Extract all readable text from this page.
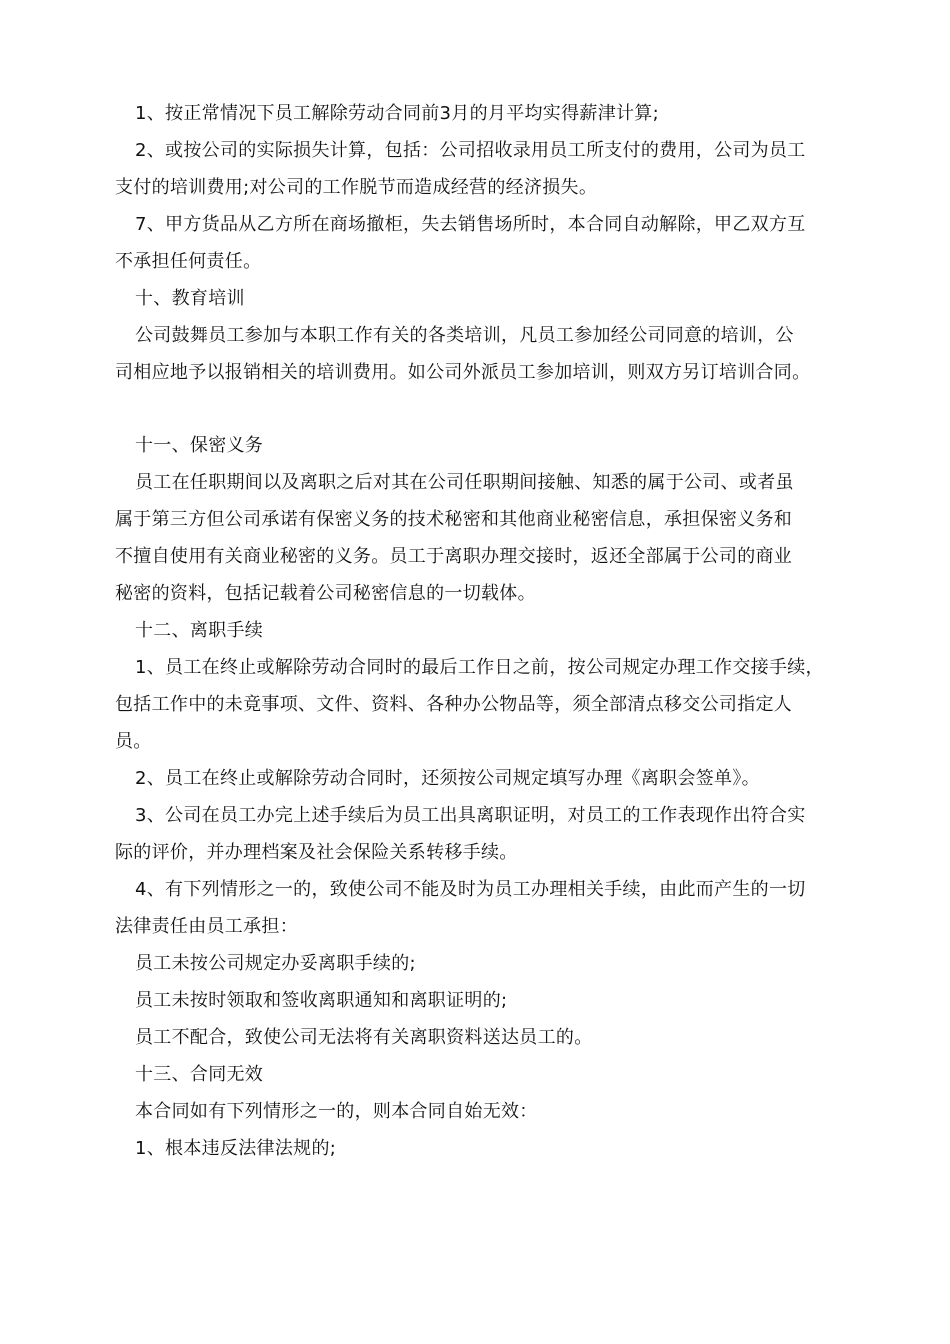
1、按正常情况下员工解除劳动合同前3月的月平均实得薪津计算;
2、或按公司的实际损失计算，包括：公司招收录用员工所支付的费用，公司为员工
支付的培训费用;对公司的工作脱节而造成经营的经济损失。
7、甲方货品从乙方所在商场撤柜，失去销售场所时，本合同自动解除，甲乙双方互
不承担任何责任。
十、教育培训
公司鼓舞员工参加与本职工作有关的各类培训，凡员工参加经公司同意的培训，公
司相应地予以报销相关的培训费用。如公司外派员工参加培训，则双方另订培训合同。
十一、保密义务
员工在任职期间以及离职之后对其在公司任职期间接触、知悉的属于公司、或者虽
属于第三方但公司承诺有保密义务的技术秘密和其他商业秘密信息，承担保密义务和
不擅自使用有关商业秘密的义务。员工于离职办理交接时，返还全部属于公司的商业
秘密的资料，包括记载着公司秘密信息的一切载体。
十二、离职手续
1、员工在终止或解除劳动合同时的最后工作日之前，按公司规定办理工作交接手续，
包括工作中的未竟事项、文件、资料、各种办公物品等，须全部清点移交公司指定人
员。
2、员工在终止或解除劳动合同时，还须按公司规定填写办理《离职会签单》。
3、公司在员工办完上述手续后为员工出具离职证明，对员工的工作表现作出符合实
际的评价，并办理档案及社会保险关系转移手续。
4、有下列情形之一的，致使公司不能及时为员工办理相关手续，由此而产生的一切
法律责任由员工承担：
员工未按公司规定办妥离职手续的;
员工未按时领取和签收离职通知和离职证明的;
员工不配合，致使公司无法将有关离职资料送达员工的。
十三、合同无效
本合同如有下列情形之一的，则本合同自始无效：
1、根本违反法律法规的;
